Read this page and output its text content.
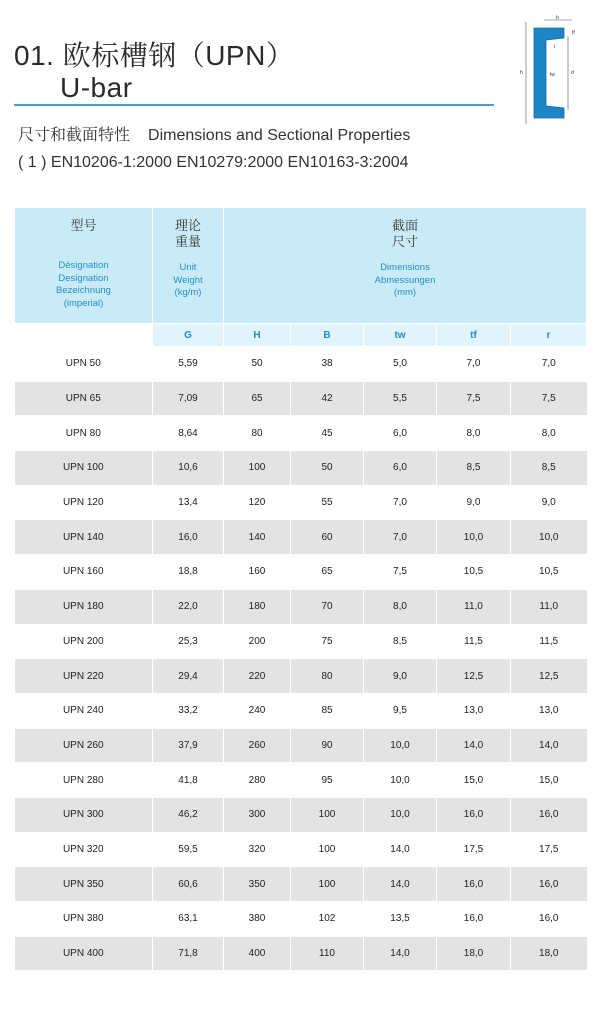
01. 欧标槽钢（UPN）
U-bar
尺寸和截面特性 Dimensions and Sectional Properties
( 1 ) EN10206-1:2000 EN10279:2000 EN10163-3:2004
b
h	d
tw
tf
r
型号
Désignation
Designation
Bezeichnung
(imperial)	理论
重量
Unit
Weight
(kg/m)	截面
尺寸
Dimensions
Abmessungen
(mm)				

	G	H	B	tw	tf	r
UPN 50	5,59	50	38	5,0	7,0	7,0
UPN 65	7,09	65	42	5,5	7,5	7,5
UPN 80	8,64	80	45	6,0	8,0	8,0
UPN 100	10,6	100	50	6,0	8,5	8,5
UPN 120	13,4	120	55	7,0	9,0	9,0
UPN 140	16,0	140	60	7,0	10,0	10,0
UPN 160	18,8	160	65	7,5	10,5	10,5
UPN 180	22,0	180	70	8,0	11,0	11,0
UPN 200	25,3	200	75	8,5	11,5	11,5
UPN 220	29,4	220	80	9,0	12,5	12,5
UPN 240	33,2	240	85	9,5	13,0	13,0
UPN 260	37,9	260	90	10,0	14,0	14,0
UPN 280	41,8	280	95	10,0	15,0	15,0
UPN 300	46,2	300	100	10,0	16,0	16,0
UPN 320	59,5	320	100	14,0	17,5	17,5
UPN 350	60,6	350	100	14,0	16,0	16,0
UPN 380	63,1	380	102	13,5	16,0	16,0
UPN 400	71,8	400	110	14,0	18,0	18,0
